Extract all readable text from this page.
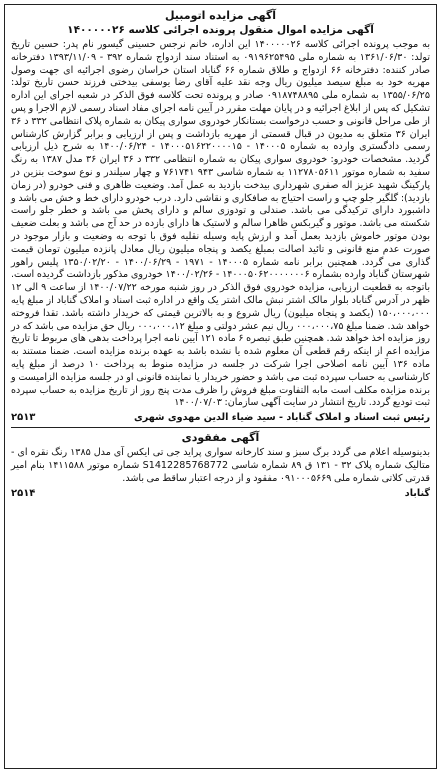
آگهی مزایده اتومبیل
آگهی مزایده اموال منقول پرونده اجرائی کلاسه ۱۴۰۰۰۰۰۲۶

به موجب پرونده اجرائی کلاسه ۱۴۰۰۰۰۰۲۶ این اداره، خانم نرجس حسینی گیسور نام پدر: حسین تاریخ تولد: ۱۳۶۱/۰۶/۳۰ به شماره ملی ۰۹۱۹۶۲۵۴۹۵ به استناد سند ازدواج شماره ۳۹۲ - ۱۳۹۳/۱۱/۰۹ دفترخانه صادر کننده: دفترخانه ۶۶ ازدواج و طلاق شماره ۶۶ گناباد استان خراسان رضوی اجرائیه ای جهت وصول مهریه خود به مبلغ سیصد میلیون ریال وجه نقد علیه آقای رضا یوسفی بیدختی فرزند حسن تاریخ تولد: ۱۳۵۵/۰۶/۲۵ به شماره ملی ۰۹۱۸۷۴۸۸۹۵ صادر و پرونده تحت کلاسه فوق الذکر در شعبه اجرای این اداره تشکیل که پس از ابلاغ اجرائیه و در پایان مهلت مقرر در آیین نامه اجرای مفاد اسناد رسمی لازم الاجرا و پس از طی مراحل قانونی و حسب درخواست بستانکار خودروی سواری پیکان به شماره پلاک انتظامی ۳۳۲ د ۳۶ ایران ۳۶ متعلق به مدیون در قبال قسمتی از مهریه بازداشت و پس از ارزیابی و برابر گزارش کارشناس رسمی دادگستری وارده به شماره ۱۴۰۰۰۵ - ۱۴۰۰۰۵۱۶۲۲۰۰۰۰۱۵ - ۱۴۰۰/۰۶/۲۴ به شرح ذیل ارزیابی گردید. مشخصات خودرو: خودروی سواری پیکان به شماره انتظامی ۳۳۲ د ۳۶ ایران ۳۶ مدل ۱۳۸۷ به رنگ سفید به شماره موتور ۱۱۲۷۸۰۵۶۱۱ به شماره شاسی ۹۴۳ ۷۶۱۷۴۱ و چهار سیلندر و نوع سوخت بنزین در پارکینگ شهید عزیز اله صفری شهرداری بیدخت بازدید به عمل آمد. وضعیت ظاهری و فنی خودرو (در زمان بازدید): گلگیر جلو چپ و راست احتیاج به صافکاری و نقاشی دارد. درب خودرو دارای خط و خش می باشد و داشبورد دارای ترکیدگی می باشد. صندلی و تودوزی سالم و دارای پخش می باشد و خطر جلو راست شکسته می باشد. موتور و گیربکس ظاهرا سالم و لاستیک ها دارای بازده در حد آج می باشد و بعلت ضعیف بودن موتور خاموش بازدید بعمل آمد و ارزش پایه وسیله نقلیه فوق با توجه به وضعیت و بازار موجود در صورت عدم منع قانونی و تائید اصالت بمبلغ یکصد و پنجاه میلیون ریال معادل پانزده میلیون تومان قیمت گذاری می گردد. همچنین برابر نامه شماره ۱۴۰۰۰۵ - ۱۹۷۱ - ۱۴۰۰/۰۶/۲۹ - ۱۳۵۰/۰۲/۲۰ پلیس راهور شهرستان گناباد وارده بشماره ۱۴۰۰۰۵۰۶۲۰۰۰۰۰۰۰۶ - ۱۴۰۰/۰۲/۲۶ خودروی مذکور بازداشت گردیده است. باتوجه به قطعیت ارزیابی، مزایده خودروی فوق الذکر در روز شنبه مورخه ۱۴۰۰/۰۷/۲۲ از ساعت ۹ الی ۱۲ ظهر در آدرس گناباد بلوار مالک اشتر نبش مالک اشتر یک واقع در اداره ثبت اسناد و املاک گناباد از مبلغ پایه ۱۵۰،۰۰۰،۰۰۰ (یکصد و پنجاه میلیون) ریال شروع و به بالاترین قیمتی که خریدار داشته باشد. تقدا فروخته خواهد شد. ضمنا مبلغ ۰۰۰،۰۰۰،۷۵ ریال نیم عشر دولتی و مبلغ ۰۰۰،۰۰۰،۱۲ ریال حق مزایده می باشد که در روز مزایده اخذ خواهد شد. همچنین طبق تبصره ۶ ماده ۱۲۱ آیین نامه اجرا پرداخت بدهی های مربوط تا تاریخ مزایده اعم از اینکه رقم قطعی آن معلوم شده یا نشده باشد به عهده برنده مزایده است. ضمنا مستند به ماده ۱۳۶ آیین نامه اصلاحی اجرا شرکت در جلسه در مزایده منوط به پرداخت ۱۰ درصد از مبلغ پایه کارشناسی به حساب سپرده ثبت می باشد و حضور خریدار یا نماینده قانونی او در جلسه مزایده الزامیست و برنده مزایده مکلف است مابه التفاوت مبلغ فروش را ظرف مدت پنج روز از تاریخ مزایده به حساب سپرده ثبت تودیع گردد. تاریخ انتشار در سایت آگهی سازمان: ۱۴۰۰/۰۷/۰۳

رئیس ثبت اسناد و املاک گناباد - سید ضیاء الدین مهدوی شهری
۲۵۱۳
آگهی مفقودی

بدینوسیله اعلام می گردد برگ سبز و سند کارخانه سواری پراید جی تی ایکس آی مدل ۱۳۸۵ رنگ نقره ای - متالیک شماره پلاک ۳۲ - ۱۳۱ ق ۸۹ شماره شاسی S1412285768772 شماره موتور ۱۴۱۱۵۸۸ بنام امیر قدرتی کلاتی شماره ملی ۰۹۱۰۰۰۵۶۶۹ مفقود و از درجه اعتبار ساقط می باشد.

گناباد
۲۵۱۴
